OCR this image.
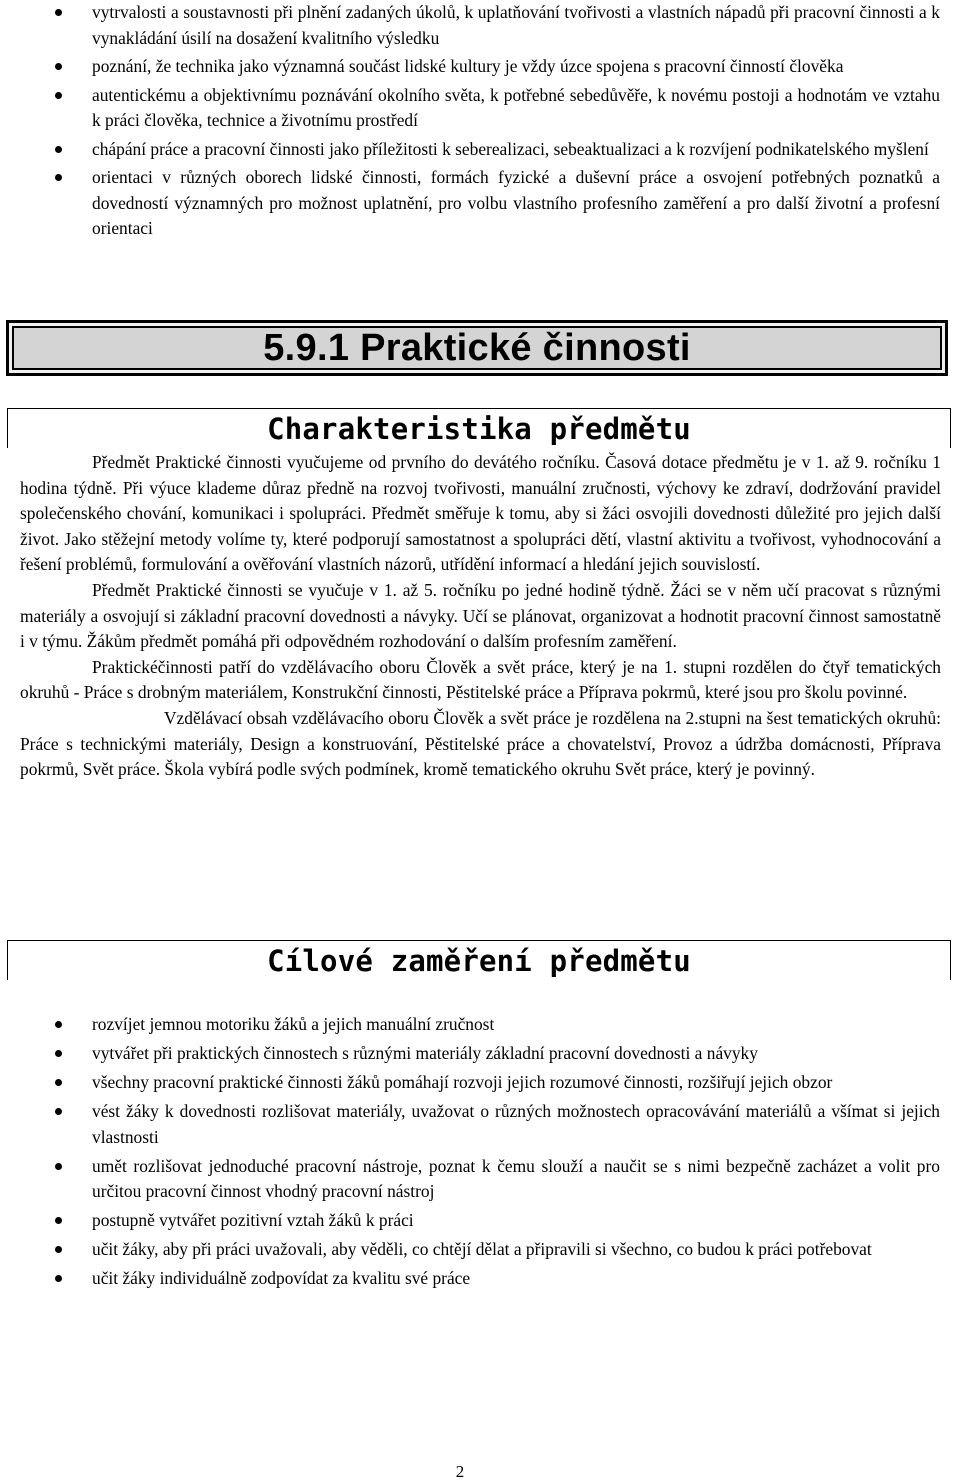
vytrvalosti a soustavnosti při plnění zadaných úkolů, k uplatňování tvořivosti a vlastních nápadů při pracovní činnosti a k vynakládání úsilí na dosažení kvalitního výsledku
poznání, že technika jako významná součást lidské kultury je vždy úzce spojena s pracovní činností člověka
autentickému a objektivnímu poznávání okolního světa, k potřebné sebedůvěře, k novému postoji a hodnotám ve vztahu k práci člověka, technice a životnímu prostředí
chápání práce a pracovní činnosti jako příležitosti k seberealizaci, sebeaktualizaci a k rozvíjení podnikatelského myšlení
orientaci v různých oborech lidské činnosti, formách fyzické a duševní práce a osvojení potřebných poznatků a dovedností významných pro možnost uplatnění, pro volbu vlastního profesního zaměření a pro další životní a profesní orientaci
5.9.1 Praktické činnosti
Charakteristika předmětu

Předmět Praktické činnosti vyučujeme od prvního do devátého ročníku. Časová dotace předmětu je v 1. až 9. ročníku 1 hodina týdně. Při výuce klademe důraz předně na rozvoj tvořivosti, manuální zručnosti, výchovy ke zdraví, dodržování pravidel společenského chování, komunikaci i spolupráci. Předmět směřuje k tomu, aby si žáci osvojili dovednosti důležité pro jejich další život. Jako stěžejní metody volíme ty, které podporují samostatnost a spolupráci dětí, vlastní aktivitu a tvořivost, vyhodnocování a řešení problémů, formulování a ověřování vlastních názorů, utřídění informací a hledání jejich souvislostí.

Předmět Praktické činnosti se vyučuje v 1. až 5. ročníku po jedné hodině týdně. Žáci se v něm učí pracovat s různými materiály a osvojují si základní pracovní dovednosti a návyky. Učí se plánovat, organizovat a hodnotit pracovní činnost samostatně i v týmu. Žákům předmět pomáhá při odpovědném rozhodování o dalším profesním zaměření.

Praktickéčinnosti patří do vzdělávacího oboru Člověk a svět práce, který je na 1. stupni rozdělen do čtyř tematických okruhů - Práce s drobným materiálem, Konstrukční činnosti, Pěstitelské práce a Příprava pokrmů, které jsou pro školu povinné.

Vzdělávací obsah vzdělávacího oboru Člověk a svět práce je rozdělena na 2.stupni na šest tematických okruhů: Práce s technickými materiály, Design a konstruování, Pěstitelské práce a chovatelství, Provoz a údržba domácnosti, Příprava pokrmů, Svět práce. Škola vybírá podle svých podmínek, kromě tematického okruhu Svět práce, který je povinný.

Cílové zaměření předmětu
rozvíjet jemnou motoriku žáků a jejich manuální zručnost
vytvářet při praktických činnostech s různými materiály základní pracovní dovednosti a návyky
všechny pracovní praktické činnosti žáků pomáhají rozvoji jejich rozumové činnosti, rozšiřují jejich obzor
vést žáky k dovednosti rozlišovat materiály, uvažovat o různých možnostech opracovávání materiálů a všímat si jejich vlastnosti
umět rozlišovat jednoduché pracovní nástroje, poznat k čemu slouží a naučit se s nimi bezpečně zacházet a volit pro určitou pracovní činnost vhodný pracovní nástroj
postupně vytvářet pozitivní vztah žáků k práci
učit žáky, aby při práci uvažovali, aby věděli, co chtějí dělat a připravili si všechno, co budou k práci potřebovat
učit žáky individuálně zodpovídat za kvalitu své práce
2
